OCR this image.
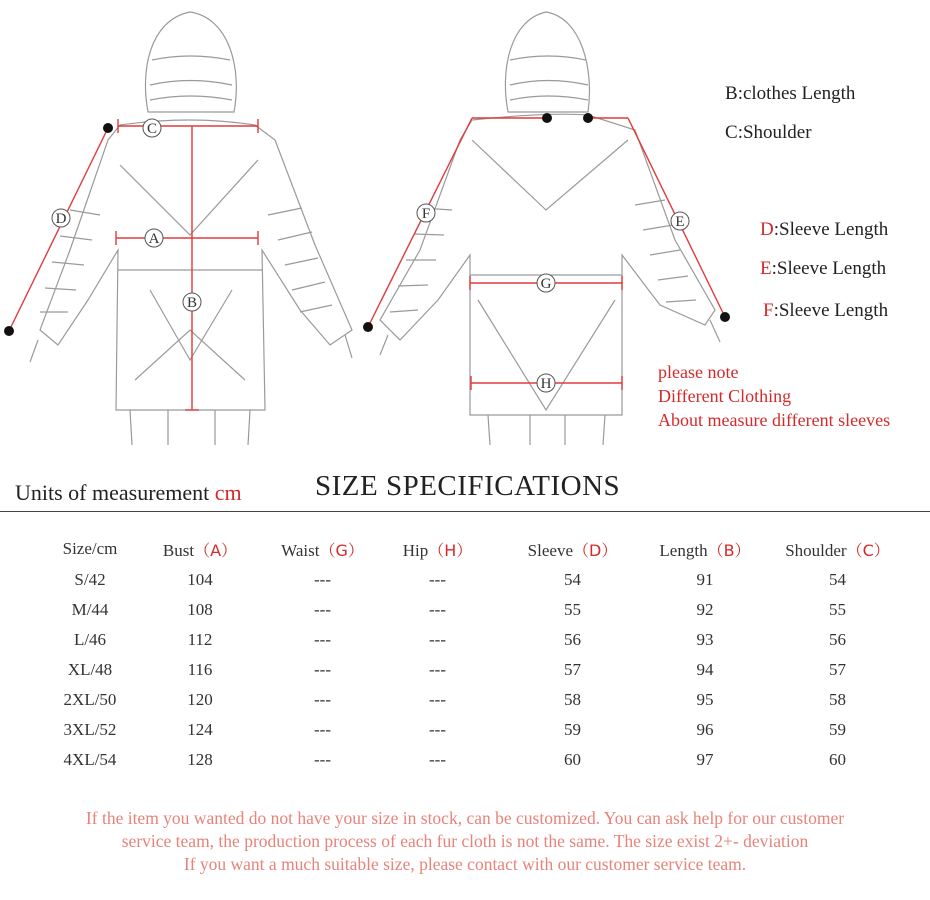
C
A
B
D
G
H
F	E
B:clothes Length
C:Shoulder
D:Sleeve Length
E:Sleeve Length
F:Sleeve Length
please note
Different Clothing
About measure different sleeves
Units of measurement cm	SIZE SPECIFICATIONS
Size/cm	Bust（A）	Waist（G）	Hip（H）	Sleeve（D）	Length（B）	Shoulder（C）
S/42	104	---	---	54	91	54
M/44	108	---	---	55	92	55
L/46	112	---	---	56	93	56
XL/48	116	---	---	57	94	57
2XL/50	120	---	---	58	95	58
3XL/52	124	---	---	59	96	59
4XL/54	128	---	---	60	97	60
If the item you wanted do not have your size in stock, can be customized. You can ask help for our customer
service team, the production process of each fur cloth is not the same. The size exist 2+- deviation
If you want a much suitable size, please contact with our customer service team.
